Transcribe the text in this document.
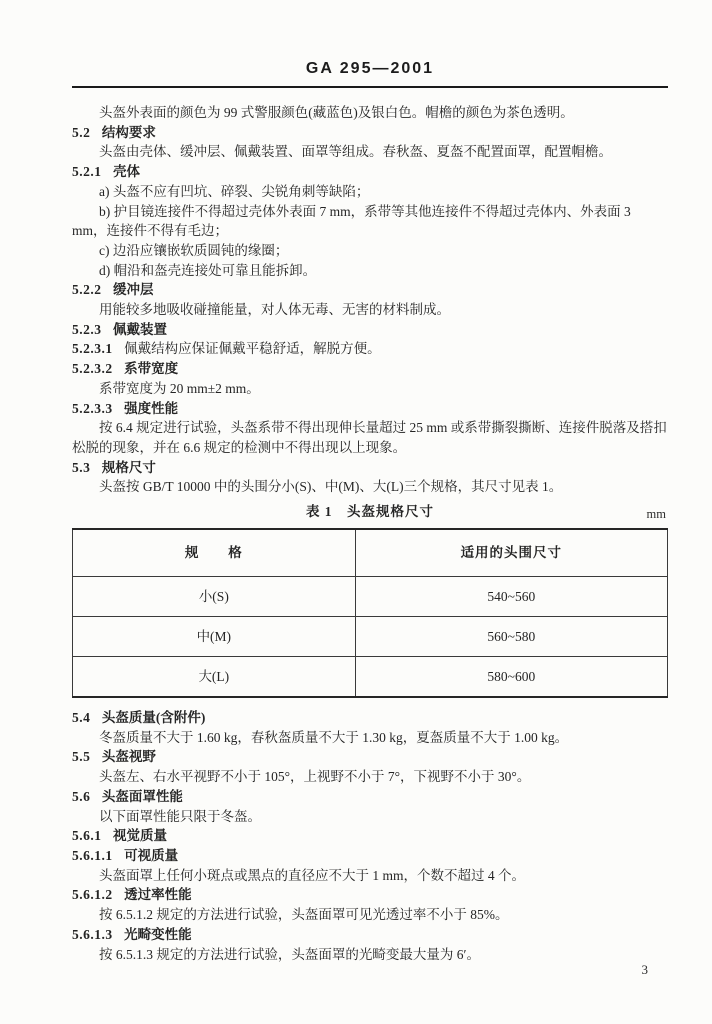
GA 295—2001

头盔外表面的颜色为 99 式警服颜色(藏蓝色)及银白色。帽檐的颜色为茶色透明。

5.2 结构要求

头盔由壳体、缓冲层、佩戴装置、面罩等组成。春秋盔、夏盔不配置面罩，配置帽檐。

5.2.1 壳体

a) 头盔不应有凹坑、碎裂、尖锐角刺等缺陷；

b) 护目镜连接件不得超过壳体外表面 7 mm，系带等其他连接件不得超过壳体内、外表面 3 mm，连接件不得有毛边；

c) 边沿应镶嵌软质圆钝的缘圈；

d) 帽沿和盔壳连接处可靠且能拆卸。

5.2.2 缓冲层

用能较多地吸收碰撞能量，对人体无毒、无害的材料制成。

5.2.3 佩戴装置

5.2.3.1 佩戴结构应保证佩戴平稳舒适，解脱方便。

5.2.3.2 系带宽度

系带宽度为 20 mm±2 mm。

5.2.3.3 强度性能

按 6.4 规定进行试验，头盔系带不得出现伸长量超过 25 mm 或系带撕裂撕断、连接件脱落及搭扣松脱的现象，并在 6.6 规定的检测中不得出现以上现象。

5.3 规格尺寸

头盔按 GB/T 10000 中的头围分小(S)、中(M)、大(L)三个规格，其尺寸见表 1。

表 1　头盔规格尺寸	mm
规　　格	适用的头围尺寸
小(S)	540~560
中(M)	560~580
大(L)	580~600

5.4 头盔质量(含附件)

冬盔质量不大于 1.60 kg，春秋盔质量不大于 1.30 kg，夏盔质量不大于 1.00 kg。

5.5 头盔视野

头盔左、右水平视野不小于 105°，上视野不小于 7°，下视野不小于 30°。

5.6 头盔面罩性能

以下面罩性能只限于冬盔。

5.6.1 视觉质量

5.6.1.1 可视质量

头盔面罩上任何小斑点或黑点的直径应不大于 1 mm，个数不超过 4 个。

5.6.1.2 透过率性能

按 6.5.1.2 规定的方法进行试验，头盔面罩可见光透过率不小于 85%。

5.6.1.3 光畸变性能

按 6.5.1.3 规定的方法进行试验，头盔面罩的光畸变最大量为 6′。

3
